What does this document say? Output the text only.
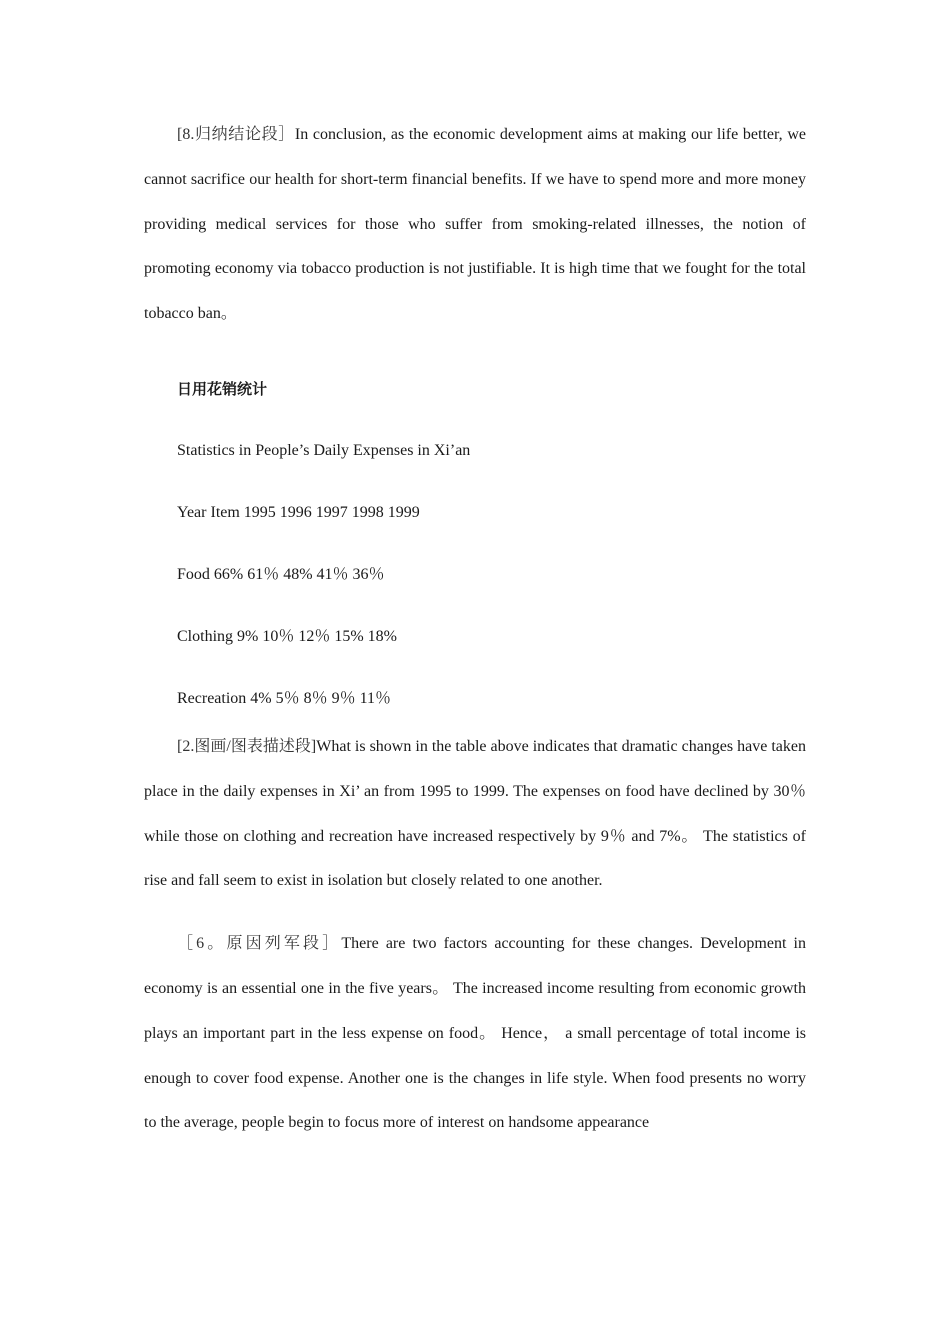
[8.归纳结论段］In conclusion, as the economic development aims at making our life better, we cannot sacrifice our health for short-term financial benefits. If we have to spend more and more money providing medical services for those who suffer from smoking-related illnesses, the notion of promoting economy via tobacco production is not justifiable. It is high time that we fought for the total tobacco ban。

日用花销统计

Statistics in People’s Daily Expenses in Xi’an

Year Item 1995 1996 1997 1998 1999

Food 66% 61％ 48% 41％ 36％

Clothing 9% 10％ 12％ 15% 18%

Recreation 4% 5％ 8％ 9％ 11％

[2.图画/图表描述段]What is shown in the table above indicates that dramatic changes have taken place in the daily expenses in Xi’ an from 1995 to 1999. The expenses on food have declined by 30％ while those on clothing and recreation have increased respectively by 9％ and 7%。 The statistics of rise and fall seem to exist in isolation but closely related to one another.

［6。原因列军段］There are two factors accounting for these changes. Development in economy is an essential one in the five years。 The increased income resulting from economic growth plays an important part in the less expense on food。 Hence， a small percentage of total income is enough to cover food expense. Another one is the changes in life style. When food presents no worry to the average, people begin to focus more of interest on handsome appearance
